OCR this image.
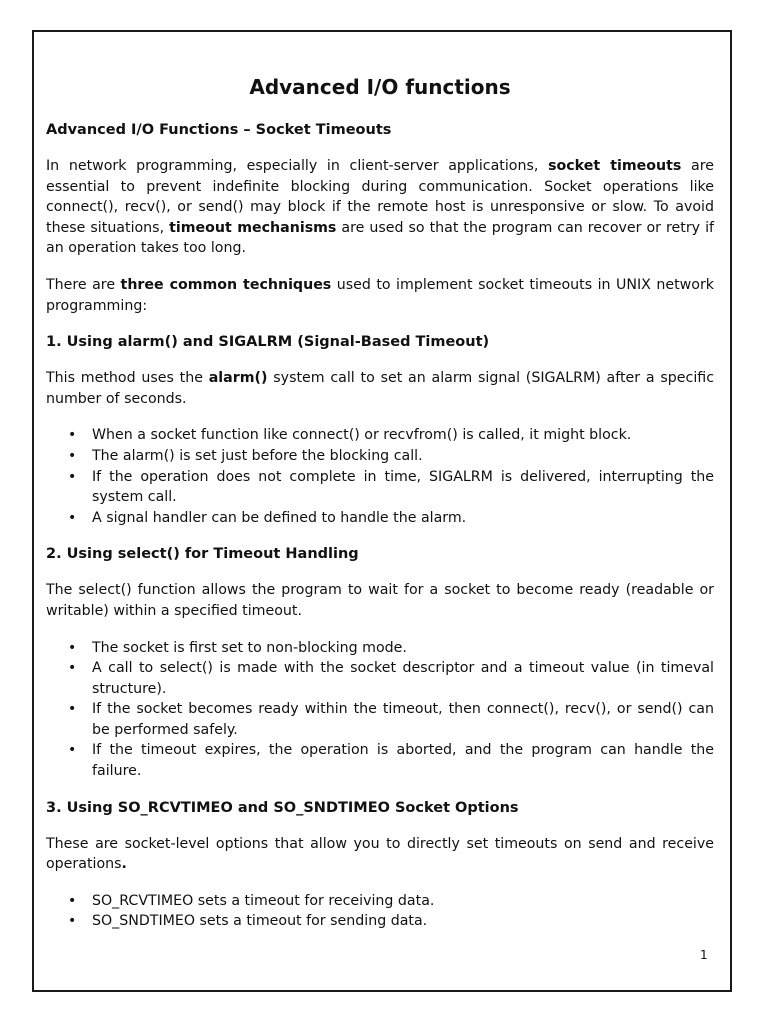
Advanced I/O functions
Advanced I/O Functions – Socket Timeouts

In network programming, especially in client-server applications, socket timeouts are essential to prevent indefinite blocking during communication. Socket operations like connect(), recv(), or send() may block if the remote host is unresponsive or slow. To avoid these situations, timeout mechanisms are used so that the program can recover or retry if an operation takes too long.

There are three common techniques used to implement socket timeouts in UNIX network programming:

1. Using alarm() and SIGALRM (Signal-Based Timeout)

This method uses the alarm() system call to set an alarm signal (SIGALRM) after a specific number of seconds.

• When a socket function like connect() or recvfrom() is called, it might block.
• The alarm() is set just before the blocking call.
• If the operation does not complete in time, SIGALRM is delivered, interrupting the system call.
• A signal handler can be defined to handle the alarm.
2. Using select() for Timeout Handling

The select() function allows the program to wait for a socket to become ready (readable or writable) within a specified timeout.

• The socket is first set to non-blocking mode.
• A call to select() is made with the socket descriptor and a timeout value (in timeval structure).
• If the socket becomes ready within the timeout, then connect(), recv(), or send() can be performed safely.
• If the timeout expires, the operation is aborted, and the program can handle the failure.
3. Using SO_RCVTIMEO and SO_SNDTIMEO Socket Options

These are socket-level options that allow you to directly set timeouts on send and receive operations.

• SO_RCVTIMEO sets a timeout for receiving data.
• SO_SNDTIMEO sets a timeout for sending data.
1
